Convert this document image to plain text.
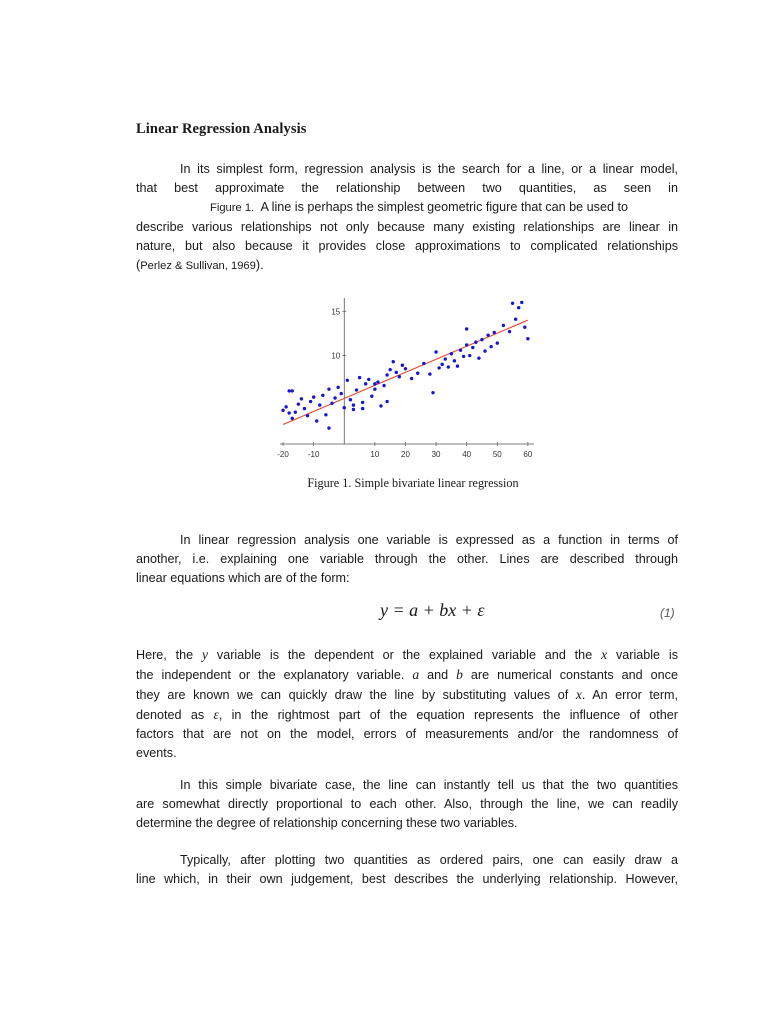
Linear Regression Analysis
In its simplest form, regression analysis is the search for a line, or a linear model,
that best approximate the relationship between two quantities, as seen in
Figure 1. A line is perhaps the simplest geometric figure that can be used to
describe various relationships not only because many existing relationships are linear in
nature, but also because it provides close approximations to complicated relationships
(Perlez & Sullivan, 1969).
-20 -10	10	20	30	40	50	60
10
15
Figure 1. Simple bivariate linear regression
In linear regression analysis one variable is expressed as a function in terms of
another, i.e. explaining one variable through the other. Lines are described through
linear equations which are of the form:
y = a + bx + ε	(1)
Here, the y variable is the dependent or the explained variable and the x variable is
the independent or the explanatory variable. a and b are numerical constants and once
they are known we can quickly draw the line by substituting values of x. An error term,
denoted as ε, in the rightmost part of the equation represents the influence of other
factors that are not on the model, errors of measurements and/or the randomness of
events.
In this simple bivariate case, the line can instantly tell us that the two quantities
are somewhat directly proportional to each other. Also, through the line, we can readily
determine the degree of relationship concerning these two variables.
Typically, after plotting two quantities as ordered pairs, one can easily draw a
line which, in their own judgement, best describes the underlying relationship. However,
